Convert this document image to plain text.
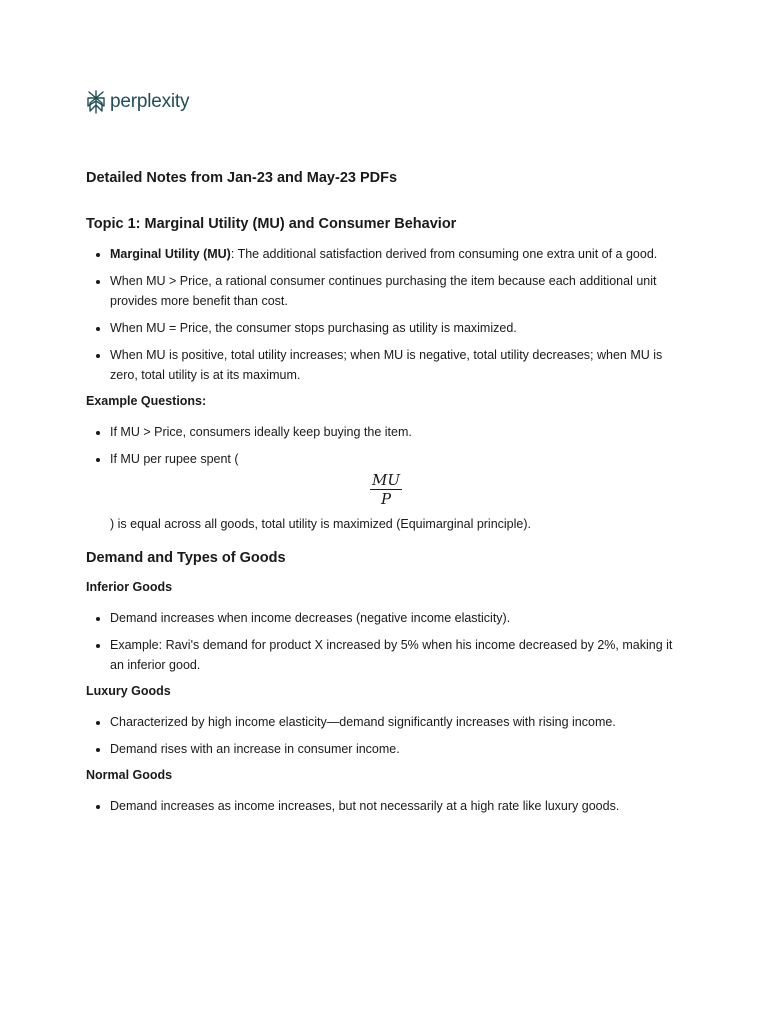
perplexity
Detailed Notes from Jan-23 and May-23 PDFs
Topic 1: Marginal Utility (MU) and Consumer Behavior
• Marginal Utility (MU): The additional satisfaction derived from consuming one extra unit of a good.
• When MU > Price, a rational consumer continues purchasing the item because each additional unit provides more benefit than cost.
• When MU = Price, the consumer stops purchasing as utility is maximized.
• When MU is positive, total utility increases; when MU is negative, total utility decreases; when MU is zero, total utility is at its maximum.
Example Questions:
• If MU > Price, consumers ideally keep buying the item.
• If MU per rupee spent (
$\frac{MU}{P}$
) is equal across all goods, total utility is maximized (Equimarginal principle).
Demand and Types of Goods
Inferior Goods
• Demand increases when income decreases (negative income elasticity).
• Example: Ravi's demand for product X increased by 5% when his income decreased by 2%, making it an inferior good.
Luxury Goods
• Characterized by high income elasticity—demand significantly increases with rising income.
• Demand rises with an increase in consumer income.
Normal Goods
• Demand increases as income increases, but not necessarily at a high rate like luxury goods.
